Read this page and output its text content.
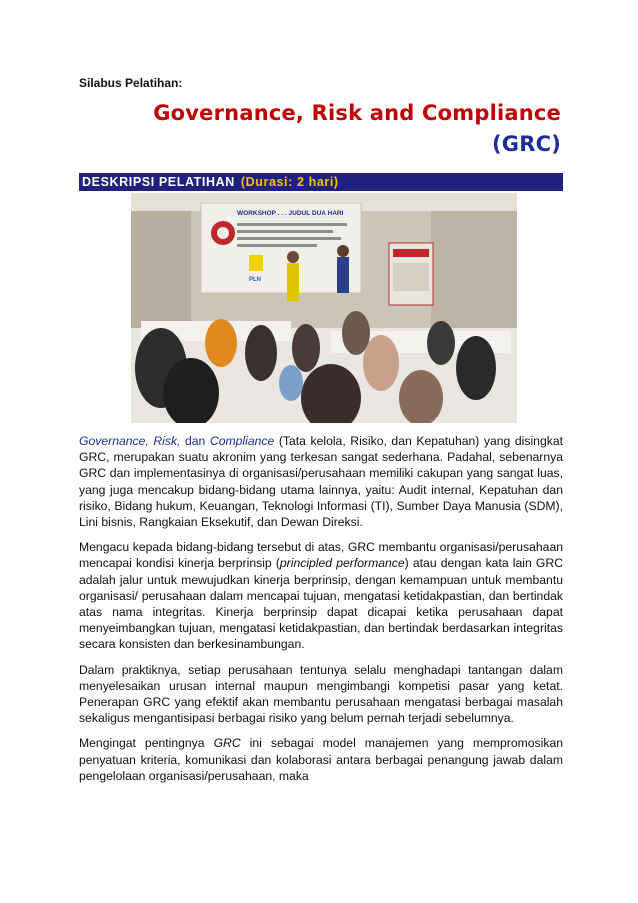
Silabus Pelatihan:
Governance, Risk and Compliance
(GRC)
DESKRIPSI PELATIHAN (Durasi: 2 hari)
WORKSHOP . . . JUDUL DUA HARI
PLN

Governance, Risk, dan Compliance (Tata kelola, Risiko, dan Kepatuhan) yang disingkat GRC, merupakan suatu akronim yang terkesan sangat sederhana. Padahal, sebenarnya GRC dan implementasinya di organisasi/perusahaan memiliki cakupan yang sangat luas, yang juga mencakup bidang-bidang utama lainnya, yaitu: Audit internal, Kepatuhan dan risiko, Bidang hukum, Keuangan, Teknologi Informasi (TI), Sumber Daya Manusia (SDM), Lini bisnis, Rangkaian Eksekutif, dan Dewan Direksi.

Mengacu kepada bidang-bidang tersebut di atas, GRC membantu organisasi/perusahaan mencapai kondisi kinerja berprinsip (principled performance) atau dengan kata lain GRC adalah jalur untuk mewujudkan kinerja berprinsip, dengan kemampuan untuk membantu organisasi/ perusahaan dalam mencapai tujuan, mengatasi ketidakpastian, dan bertindak atas nama integritas. Kinerja berprinsip dapat dicapai ketika perusahaan dapat menyeimbangkan tujuan, mengatasi ketidakpastian, dan bertindak berdasarkan integritas secara konsisten dan berkesinambungan.

Dalam praktiknya, setiap perusahaan tentunya selalu menghadapi tantangan dalam menyelesaikan urusan internal maupun mengimbangi kompetisi pasar yang ketat. Penerapan GRC yang efektif akan membantu perusahaan mengatasi berbagai masalah sekaligus mengantisipasi berbagai risiko yang belum pernah terjadi sebelumnya.

Mengingat pentingnya GRC ini sebagai model manajemen yang mempromosikan penyatuan kriteria, komunikasi dan kolaborasi antara berbagai penangung jawab dalam pengelolaan organisasi/perusahaan, maka
